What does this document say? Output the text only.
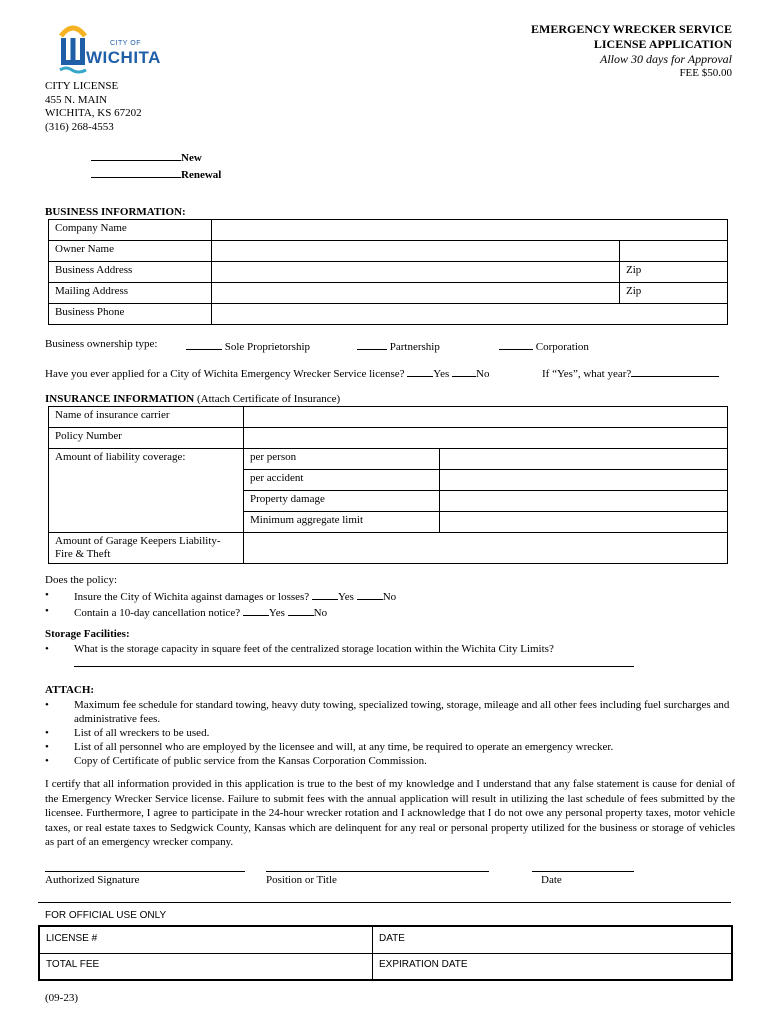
CITY OF
WICHITA
EMERGENCY WRECKER SERVICE
LICENSE APPLICATION
Allow 30 days for Approval
FEE $50.00
CITY LICENSE
455 N. MAIN
WICHITA, KS 67202
(316) 268-4553
New
Renewal
BUSINESS INFORMATION:
Company Name		
Owner Name		
Business Address		Zip
Mailing Address		Zip
Business Phone		
Business ownership type:	Sole Proprietorship	Partnership	Corporation
Have you ever applied for a City of Wichita Emergency Wrecker Service license?	Yes No	If “Yes”, what year?
INSURANCE INFORMATION (Attach Certificate of Insurance)
Name of insurance carrier		
Policy Number		
Amount of liability coverage:	per person	
	per accident	
	Property damage	
	Minimum aggregate limit	

Amount of Garage Keepers Liability-
Fire & Theft		

Does the policy:
• Insure the City of Wichita against damages or losses?	Yes	No
• Contain a 10-day cancellation notice?	Yes	No
Storage Facilities:
• What is the storage capacity in square feet of the centralized storage location within the Wichita City Limits?
ATTACH:
• Maximum fee schedule for standard towing, heavy duty towing, specialized towing, storage, mileage and all other fees including fuel surcharges and administrative fees.
• List of all wreckers to be used.
• List of all personnel who are employed by the licensee and will, at any time, be required to operate an emergency wrecker.
• Copy of Certificate of public service from the Kansas Corporation Commission.
I certify that all information provided in this application is true to the best of my knowledge and I understand that any false statement is cause for denial of the Emergency Wrecker Service license. Failure to submit fees with the annual application will result in utilizing the last schedule of fees submitted by the licensee. Furthermore, I agree to participate in the 24-hour wrecker rotation and I acknowledge that I do not owe any personal property taxes, motor vehicle taxes, or real estate taxes to Sedgwick County, Kansas which are delinquent for any real or personal property utilized for the business or storage of vehicles as part of an emergency wrecker company.
Authorized Signature	Position or Title	Date
FOR OFFICIAL USE ONLY
LICENSE #	DATE
TOTAL FEE	EXPIRATION DATE
(09-23)
